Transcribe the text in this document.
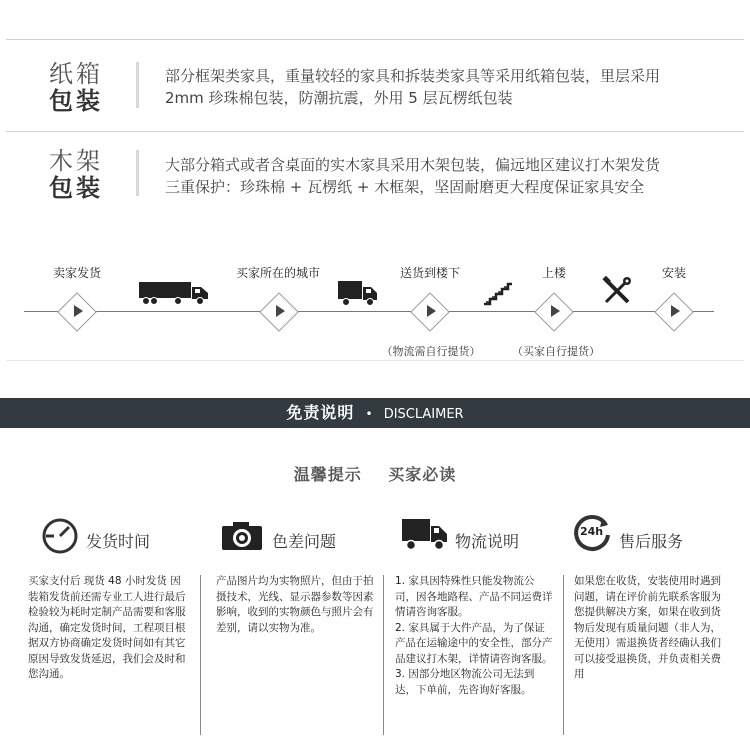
纸箱
包装
部分框架类家具，重量较轻的家具和拆装类家具等采用纸箱包装，里层采用
2mm 珍珠棉包装，防潮抗震，外用 5 层瓦楞纸包装
木架
包装
大部分箱式或者含桌面的实木家具采用木架包装，偏远地区建议打木架发货
三重保护：珍珠棉 + 瓦楞纸 + 木框架，坚固耐磨更大程度保证家具安全
卖家发货	买家所在的城市	送货到楼下	上楼	安装
（物流需自行提货）	（买家自行提货）
免责说明 • DISCLAIMER
温馨提示 买家必读
发货时间
买家支付后 现货 48 小时发货 因装箱发货前还需专业工人进行最后检验较为耗时定制产品需要和客服沟通，确定发货时间，工程项目根据双方协商确定发货时间如有其它原因导致发货延迟，我们会及时和您沟通。
色差问题
产品图片均为实物照片，但由于拍摄技术，光线、显示器参数等因素影响，收到的实物颜色与照片会有差别，请以实物为准。
物流说明
1. 家具因特殊性只能发物流公司，因各地路程、产品不同运费详情请咨询客服。
2. 家具属于大件产品，为了保证产品在运输途中的安全性，部分产品建议打木架，详情请咨询客服。
3. 因部分地区物流公司无法到达，下单前，先咨询好客服。
24h
售后服务
如果您在收货，安装使用时遇到问题，请在评价前先联系客服为您提供解决方案，如果在收到货物后发现有质量问题（非人为，无使用）需退换货者经确认我们可以接受退换货，并负责相关费用
